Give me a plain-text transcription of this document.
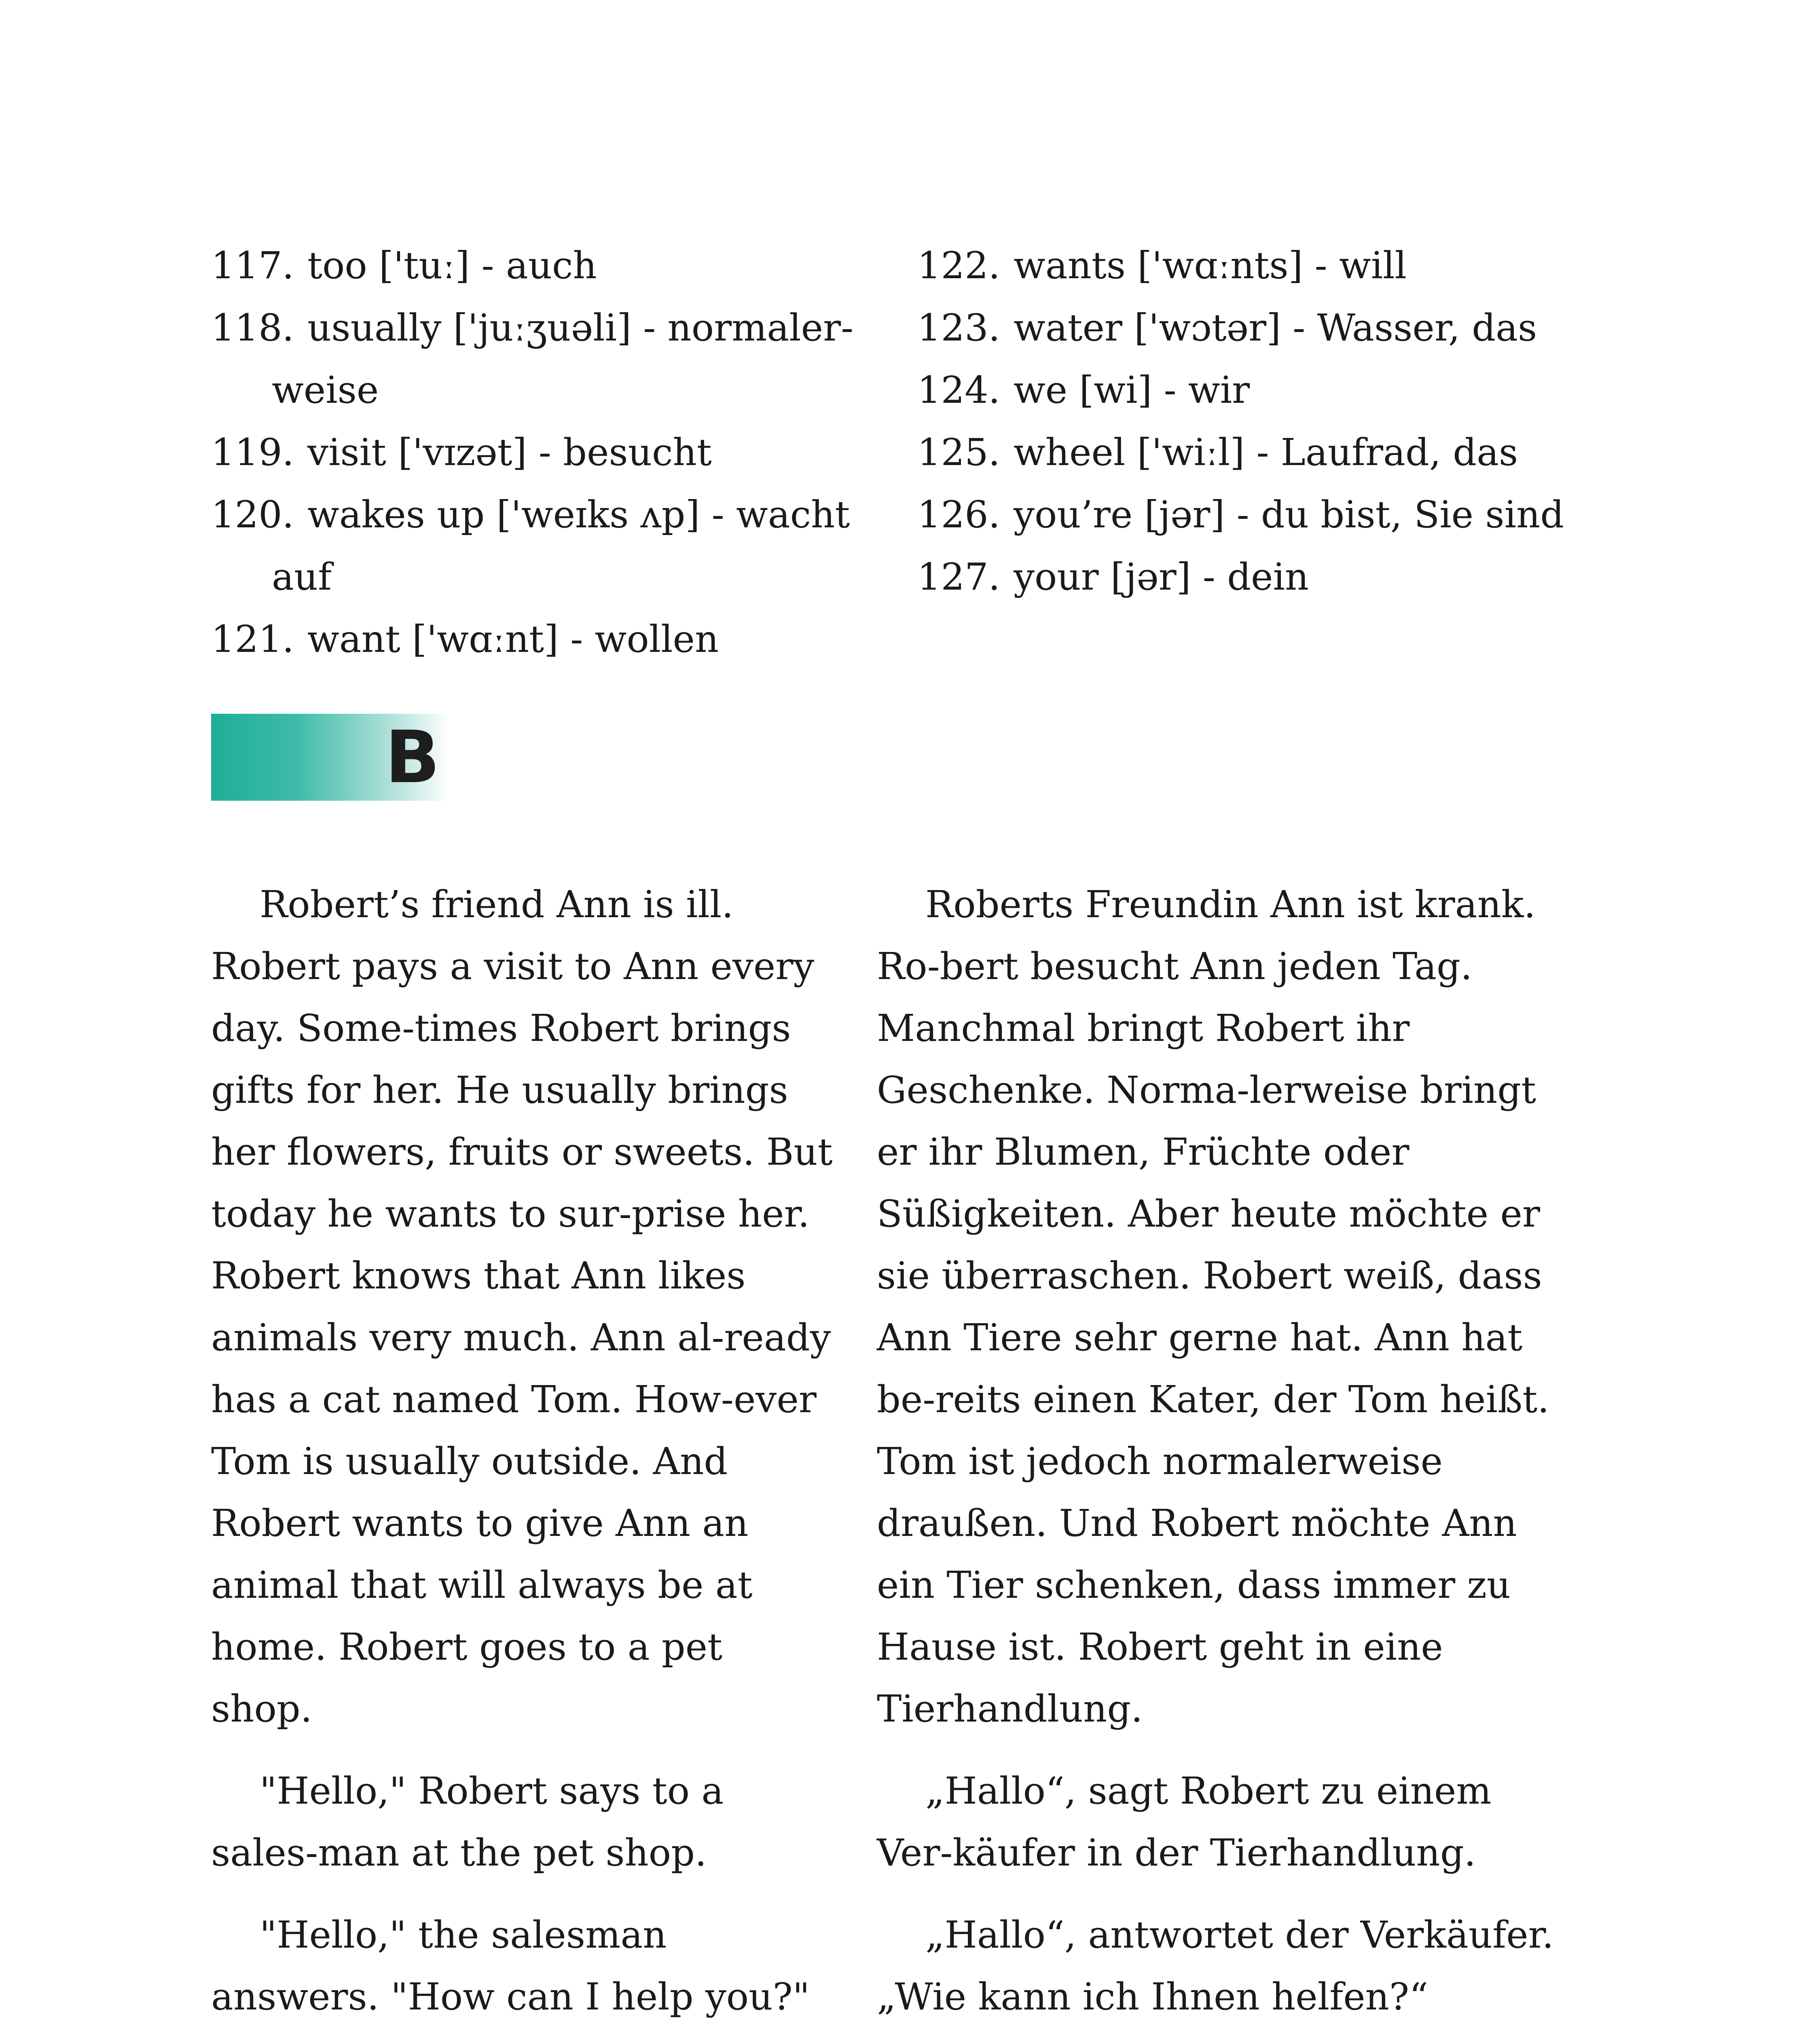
117. too ['tuː] - auch
118. usually ['juːʒuəli] - normaler-weise
119. visit ['vɪzət] - besucht
120. wakes up ['weɪks ʌp] - wacht auf
121. want ['wɑːnt] - wollen
122. wants ['wɑːnts] - will
123. water ['wɔtər] - Wasser, das
124. we [wi] - wir
125. wheel ['wiːl] - Laufrad, das
126. you’re [jər] - du bist, Sie sind
127. your [jər] - dein
B

Robert’s friend Ann is ill. Robert pays a visit to Ann every day. Some-times Robert brings gifts for her. He usually brings her flowers, fruits or sweets. But today he wants to sur-prise her. Robert knows that Ann likes animals very much. Ann al-ready has a cat named Tom. How-ever Tom is usually outside. And Robert wants to give Ann an animal that will always be at home. Robert goes to a pet shop.

"Hello," Robert says to a sales-man at the pet shop.

"Hello," the salesman answers. "How can I help you?"

Roberts Freundin Ann ist krank. Ro-bert besucht Ann jeden Tag. Manchmal bringt Robert ihr Geschenke. Norma-lerweise bringt er ihr Blumen, Früchte oder Süßigkeiten. Aber heute möchte er sie überraschen. Robert weiß, dass Ann Tiere sehr gerne hat. Ann hat be-reits einen Kater, der Tom heißt. Tom ist jedoch normalerweise draußen. Und Robert möchte Ann ein Tier schenken, dass immer zu Hause ist. Robert geht in eine Tierhandlung.

„Hallo“, sagt Robert zu einem Ver-käufer in der Tierhandlung.

„Hallo“, antwortet der Verkäufer. „Wie kann ich Ihnen helfen?“
